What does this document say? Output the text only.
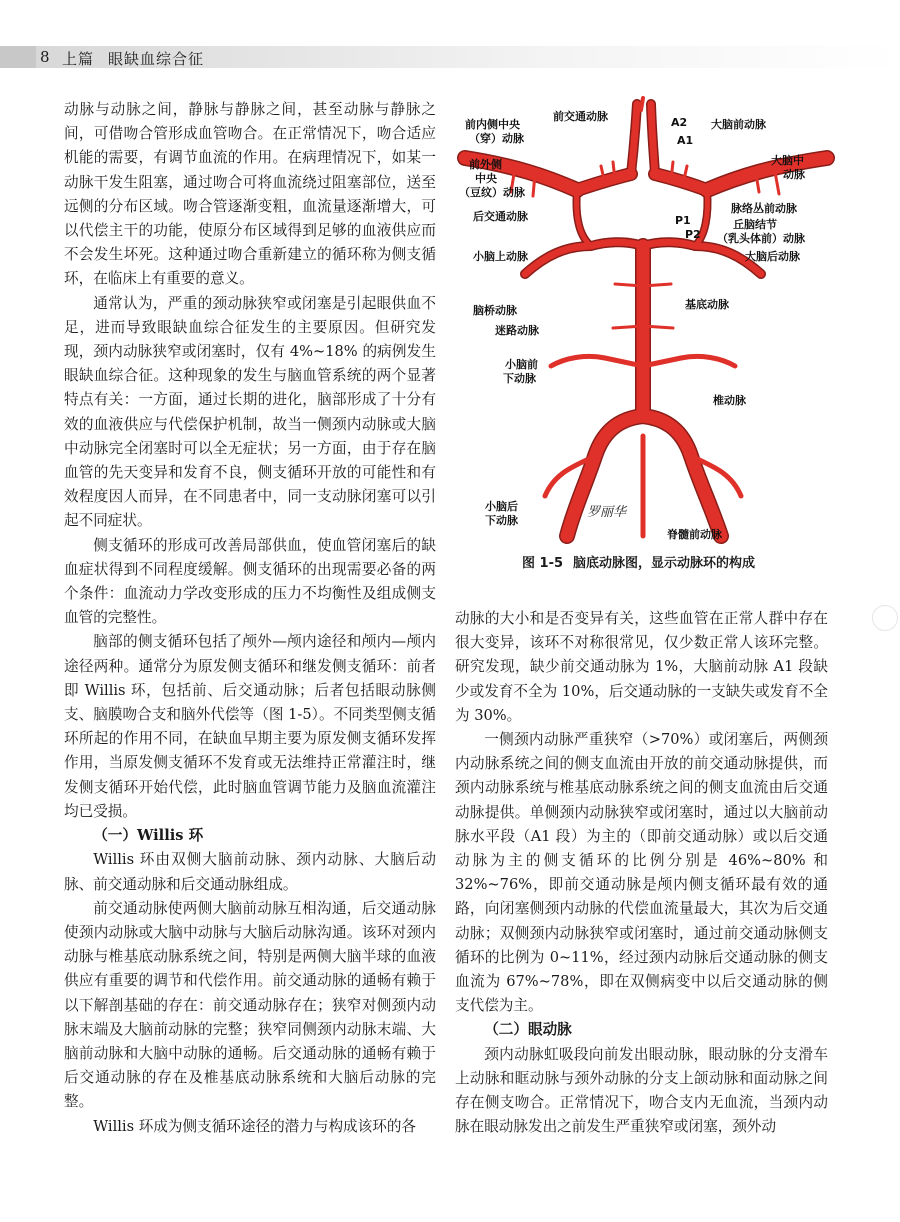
8 上篇 眼缺血综合征

动脉与动脉之间，静脉与静脉之间，甚至动脉与静脉之间，可借吻合管形成血管吻合。在正常情况下，吻合适应机能的需要，有调节血流的作用。在病理情况下，如某一动脉干发生阻塞，通过吻合可将血流绕过阻塞部位，送至远侧的分布区域。吻合管逐渐变粗，血流量逐渐增大，可以代偿主干的功能，使原分布区域得到足够的血液供应而不会发生坏死。这种通过吻合重新建立的循环称为侧支循环，在临床上有重要的意义。

通常认为，严重的颈动脉狭窄或闭塞是引起眼供血不足，进而导致眼缺血综合征发生的主要原因。但研究发现，颈内动脉狭窄或闭塞时，仅有 4%~18% 的病例发生眼缺血综合征。这种现象的发生与脑血管系统的两个显著特点有关：一方面，通过长期的进化，脑部形成了十分有效的血液供应与代偿保护机制，故当一侧颈内动脉或大脑中动脉完全闭塞时可以全无症状；另一方面，由于存在脑血管的先天变异和发育不良，侧支循环开放的可能性和有效程度因人而异，在不同患者中，同一支动脉闭塞可以引起不同症状。

侧支循环的形成可改善局部供血，使血管闭塞后的缺血症状得到不同程度缓解。侧支循环的出现需要必备的两个条件：血流动力学改变形成的压力不均衡性及组成侧支血管的完整性。

脑部的侧支循环包括了颅外—颅内途径和颅内—颅内途径两种。通常分为原发侧支循环和继发侧支循环：前者即 Willis 环，包括前、后交通动脉；后者包括眼动脉侧支、脑膜吻合支和脑外代偿等（图 1-5）。不同类型侧支循环所起的作用不同，在缺血早期主要为原发侧支循环发挥作用，当原发侧支循环不发育或无法维持正常灌注时，继发侧支循环开始代偿，此时脑血管调节能力及脑血流灌注均已受损。

（一）Willis 环

Willis 环由双侧大脑前动脉、颈内动脉、大脑后动脉、前交通动脉和后交通动脉组成。

前交通动脉使两侧大脑前动脉互相沟通，后交通动脉使颈内动脉或大脑中动脉与大脑后动脉沟通。该环对颈内动脉与椎基底动脉系统之间，特别是两侧大脑半球的血液供应有重要的调节和代偿作用。前交通动脉的通畅有赖于以下解剖基础的存在：前交通动脉存在；狭窄对侧颈内动脉末端及大脑前动脉的完整；狭窄同侧颈内动脉末端、大脑前动脉和大脑中动脉的通畅。后交通动脉的通畅有赖于后交通动脉的存在及椎基底动脉系统和大脑后动脉的完整。

Willis 环成为侧支循环途径的潜力与构成该环的各

前内侧中央
（穿）动脉
前交通动脉	A2
A1
大脑前动脉
大脑中
动脉
前外侧
中央
（豆纹）动脉
后交通动脉
脉络丛前动脉
丘脑结节
（乳头体前）动脉
P1
P2
小脑上动脉	大脑后动脉
脑桥动脉	基底动脉
迷路动脉
小脑前
下动脉
椎动脉
小脑后
下动脉
脊髓前动脉
罗丽华
图 1-5 脑底动脉图，显示动脉环的构成

动脉的大小和是否变异有关，这些血管在正常人群中存在很大变异，该环不对称很常见，仅少数正常人该环完整。研究发现，缺少前交通动脉为 1%，大脑前动脉 A1 段缺少或发育不全为 10%，后交通动脉的一支缺失或发育不全为 30%。

一侧颈内动脉严重狭窄（>70%）或闭塞后，两侧颈内动脉系统之间的侧支血流由开放的前交通动脉提供，而颈内动脉系统与椎基底动脉系统之间的侧支血流由后交通动脉提供。单侧颈内动脉狭窄或闭塞时，通过以大脑前动脉水平段（A1 段）为主的（即前交通动脉）或以后交通动脉为主的侧支循环的比例分别是 46%~80% 和 32%~76%，即前交通动脉是颅内侧支循环最有效的通路，向闭塞侧颈内动脉的代偿血流量最大，其次为后交通动脉；双侧颈内动脉狭窄或闭塞时，通过前交通动脉侧支循环的比例为 0~11%，经过颈内动脉后交通动脉的侧支血流为 67%~78%，即在双侧病变中以后交通动脉的侧支代偿为主。

（二）眼动脉

颈内动脉虹吸段向前发出眼动脉，眼动脉的分支滑车上动脉和眶动脉与颈外动脉的分支上颌动脉和面动脉之间存在侧支吻合。正常情况下，吻合支内无血流，当颈内动脉在眼动脉发出之前发生严重狭窄或闭塞，颈外动
